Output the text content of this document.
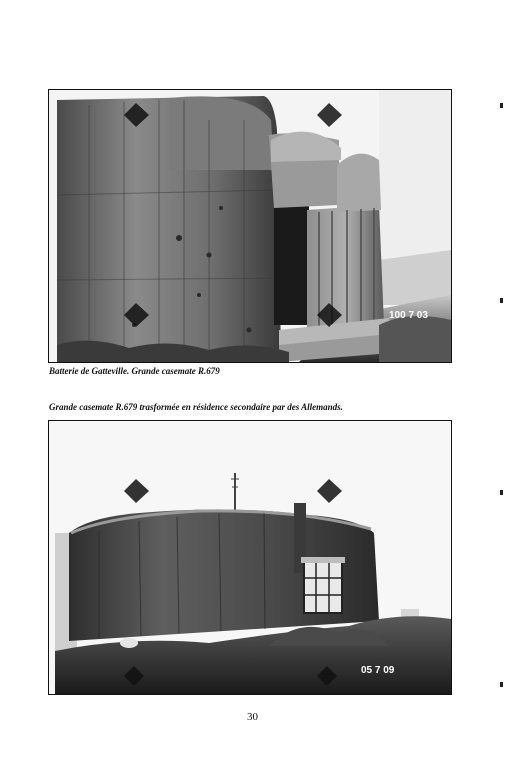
100 7 03
Batterie de Gatteville. Grande casemate R.679
Grande casemate R.679 trasformée en résidence secondaire par des Allemands.
05 7 09
30
